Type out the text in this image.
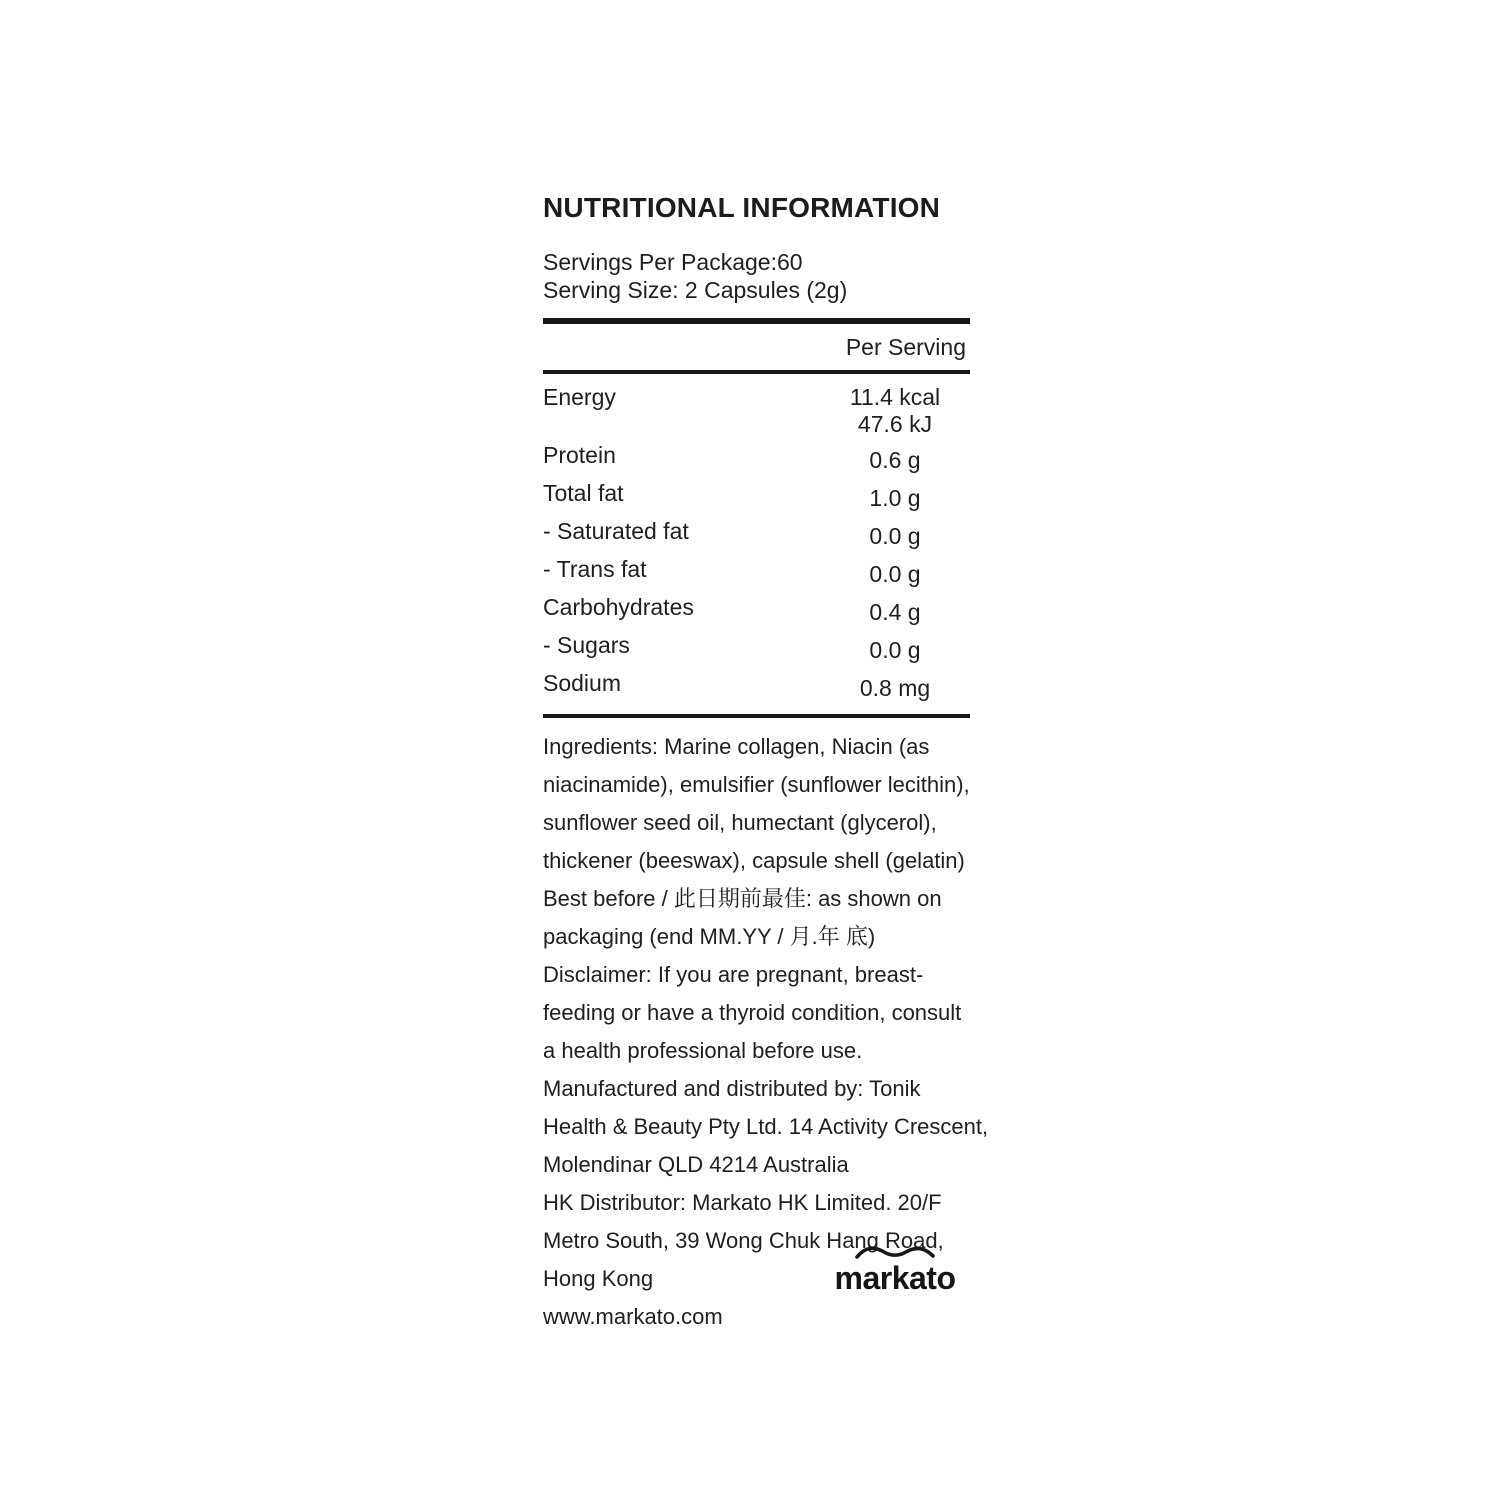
NUTRITIONAL INFORMATION
Servings Per Package:60
Serving Size: 2 Capsules (2g)
Per Serving
Energy	11.4 kcal
47.6 kJ
Protein	0.6 g
Total fat	1.0 g
- Saturated fat	0.0 g
- Trans fat	0.0 g
Carbohydrates	0.4 g
- Sugars	0.0 g
Sodium	0.8 mg
Ingredients: Marine collagen, Niacin (as
niacinamide), emulsifier (sunflower lecithin),
sunflower seed oil, humectant (glycerol),
thickener (beeswax), capsule shell (gelatin)
Best before / 此日期前最佳: as shown on
packaging (end MM.YY / 月.年 底)
Disclaimer: If you are pregnant, breast-
feeding or have a thyroid condition, consult
a health professional before use.
Manufactured and distributed by: Tonik
Health & Beauty Pty Ltd. 14 Activity Crescent,
Molendinar QLD 4214 Australia
HK Distributor: Markato HK Limited. 20/F
Metro South, 39 Wong Chuk Hang Road,
Hong Kong
www.markato.com
markato
